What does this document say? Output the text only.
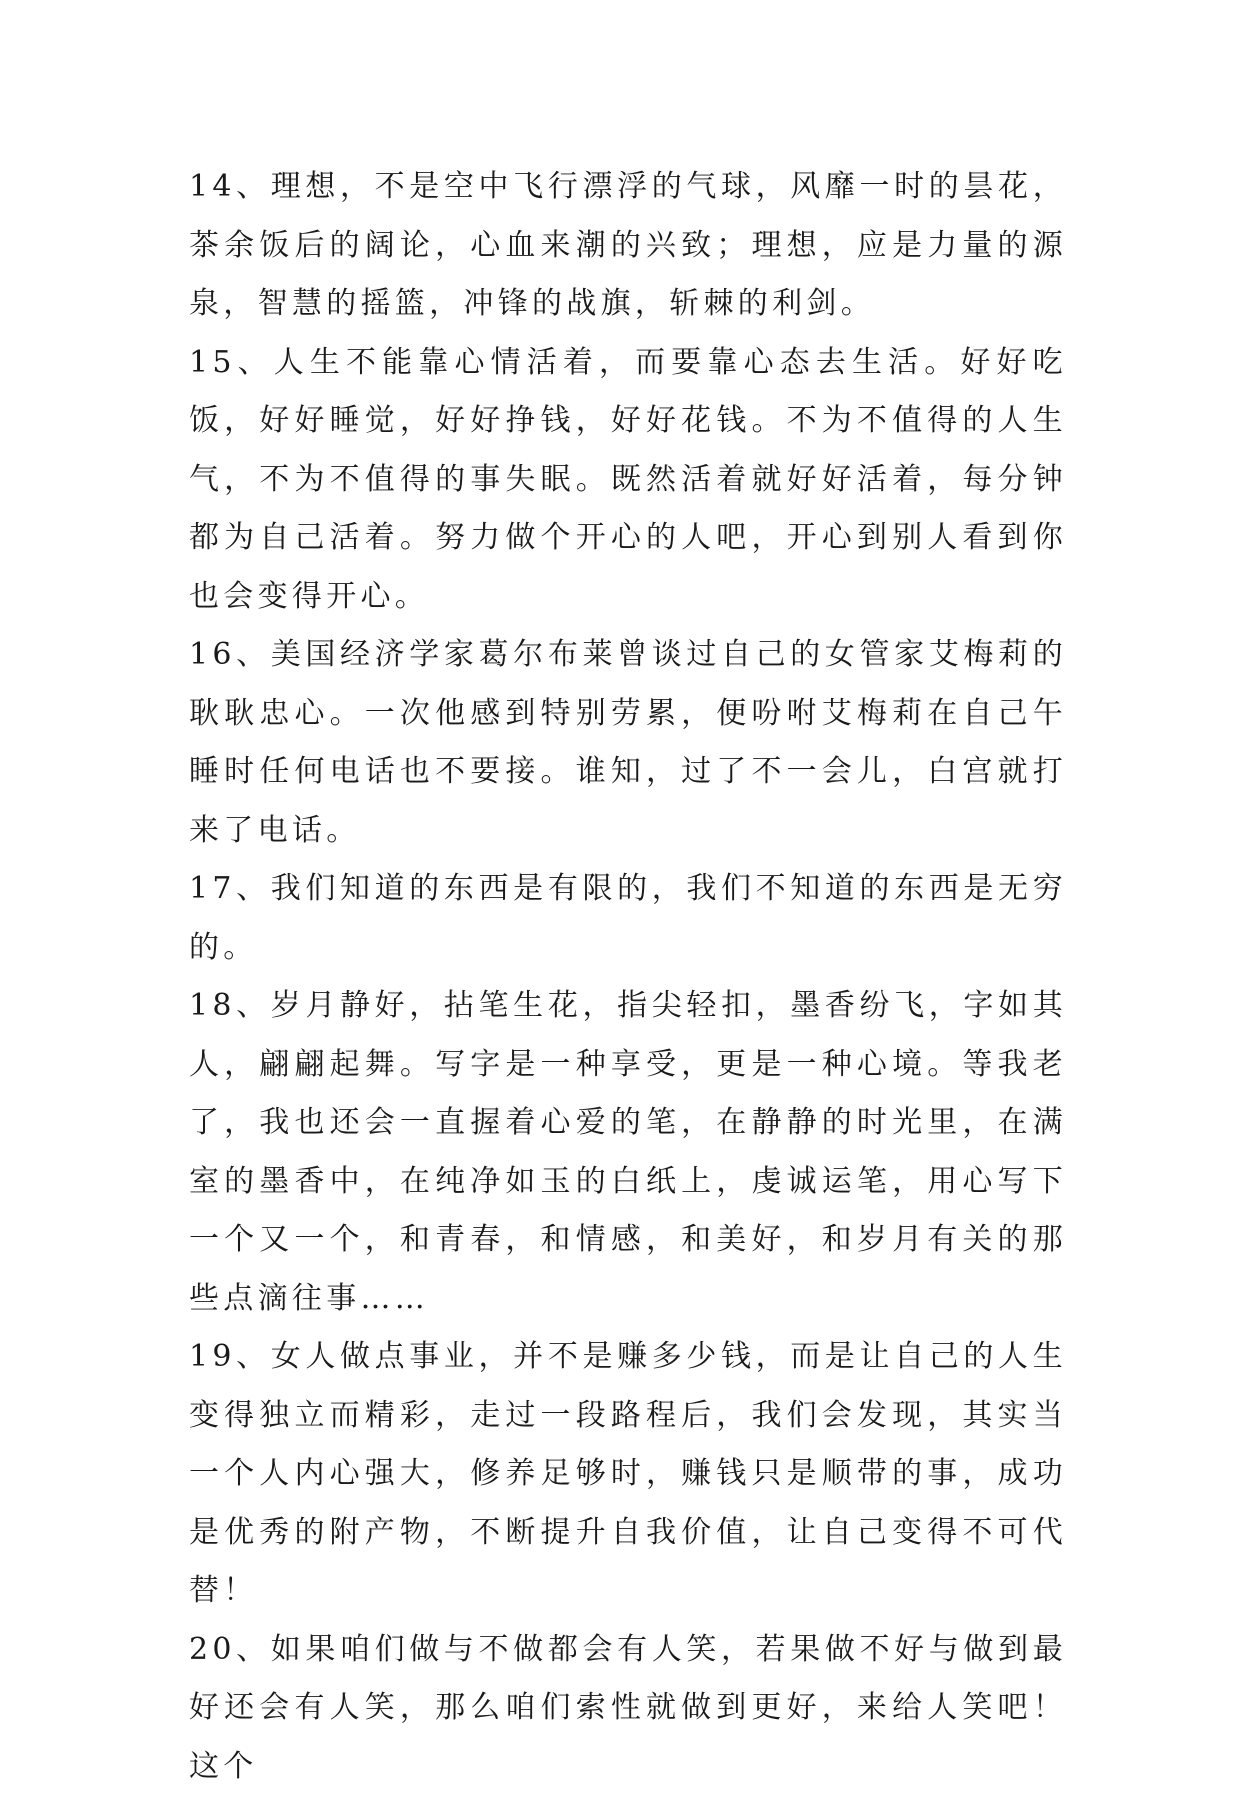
14、理想，不是空中飞行漂浮的气球，风靡一时的昙花，茶余饭后的阔论，心血来潮的兴致；理想，应是力量的源泉，智慧的摇篮，冲锋的战旗，斩棘的利剑。

15、人生不能靠心情活着，而要靠心态去生活。好好吃饭，好好睡觉，好好挣钱，好好花钱。不为不值得的人生气，不为不值得的事失眠。既然活着就好好活着，每分钟都为自己活着。努力做个开心的人吧，开心到别人看到你也会变得开心。

16、美国经济学家葛尔布莱曾谈过自己的女管家艾梅莉的耿耿忠心。一次他感到特别劳累，便吩咐艾梅莉在自己午睡时任何电话也不要接。谁知，过了不一会儿，白宫就打来了电话。

17、我们知道的东西是有限的，我们不知道的东西是无穷的。

18、岁月静好，拈笔生花，指尖轻扣，墨香纷飞，字如其人，翩翩起舞。写字是一种享受，更是一种心境。等我老了，我也还会一直握着心爱的笔，在静静的时光里，在满室的墨香中，在纯净如玉的白纸上，虔诚运笔，用心写下一个又一个，和青春，和情感，和美好，和岁月有关的那些点滴往事……

19、女人做点事业，并不是赚多少钱，而是让自己的人生变得独立而精彩，走过一段路程后，我们会发现，其实当一个人内心强大，修养足够时，赚钱只是顺带的事，成功是优秀的附产物，不断提升自我价值，让自己变得不可代替！

20、如果咱们做与不做都会有人笑，若果做不好与做到最好还会有人笑，那么咱们索性就做到更好，来给人笑吧！这个
